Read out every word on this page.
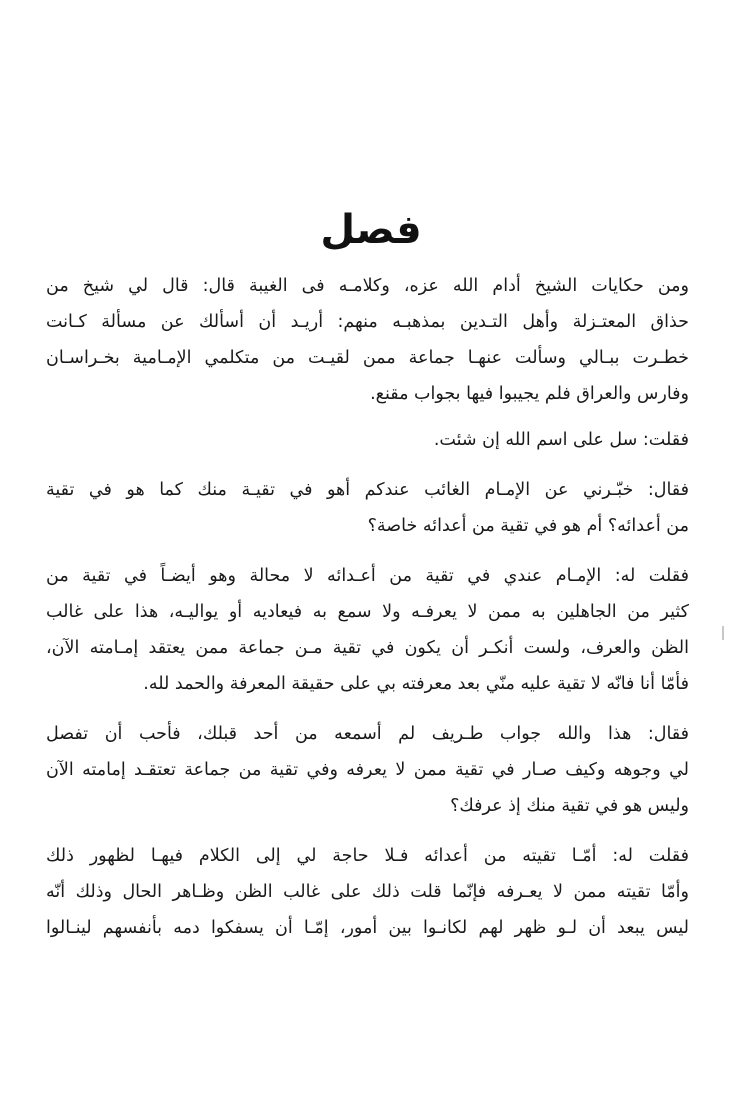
فصل
ومن حكايات الشيخ أدام الله عزه، وكلامـه فى الغيبة قال: قال لي شيخ من
حذاق المعتـزلة وأهل التـدين بمذهبـه منهم: أريـد أن أسألك عن مسألة كـانت
خطـرت ببـالي وسألت عنهـا جماعة ممن لقيـت من متكلمي الإمـامية بخـراسـان
وفارس والعراق فلم يجيبوا فيها بجواب مقنع.
فقلت: سل على اسم الله إن شئت.
فقال: خبّـرني عن الإمـام الغائب عندكم أهو في تقيـة منك كما هو في تقية
من أعدائه؟ أم هو في تقية من أعدائه خاصة؟
فقلت له: الإمـام عندي في تقية من أعـدائه لا محالة وهو أيضـاً في تقية من
كثير من الجاهلين به ممن لا يعرفـه ولا سمع به فيعاديه أو يواليـه، هذا على غالب
الظن والعرف، ولست أنكـر أن يكون في تقية مـن جماعة ممن يعتقد إمـامته الآن،
فأمّا أنا فانّه لا تقية عليه منّي بعد معرفته بي على حقيقة المعرفة والحمد لله.
فقال: هذا والله جواب طـريف لم أسمعه من أحد قبلك، فأحب أن تفصل
لي وجوهه وكيف صـار في تقية ممن لا يعرفه وفي تقية من جماعة تعتقـد إمامته الآن
وليس هو في تقية منك إذ عرفك؟
فقلت له: أمّـا تقيته من أعدائه فـلا حاجة لي إلى الكلام فيهـا لظهور ذلك
وأمّا تقيته ممن لا يعـرفه فإنّما قلت ذلك على غالب الظن وظـاهر الحال وذلك أنّه
ليس يبعد أن لـو ظهر لهم لكانـوا بين أمور، إمّـا أن يسفكوا دمه بأنفسهم لينـالوا
